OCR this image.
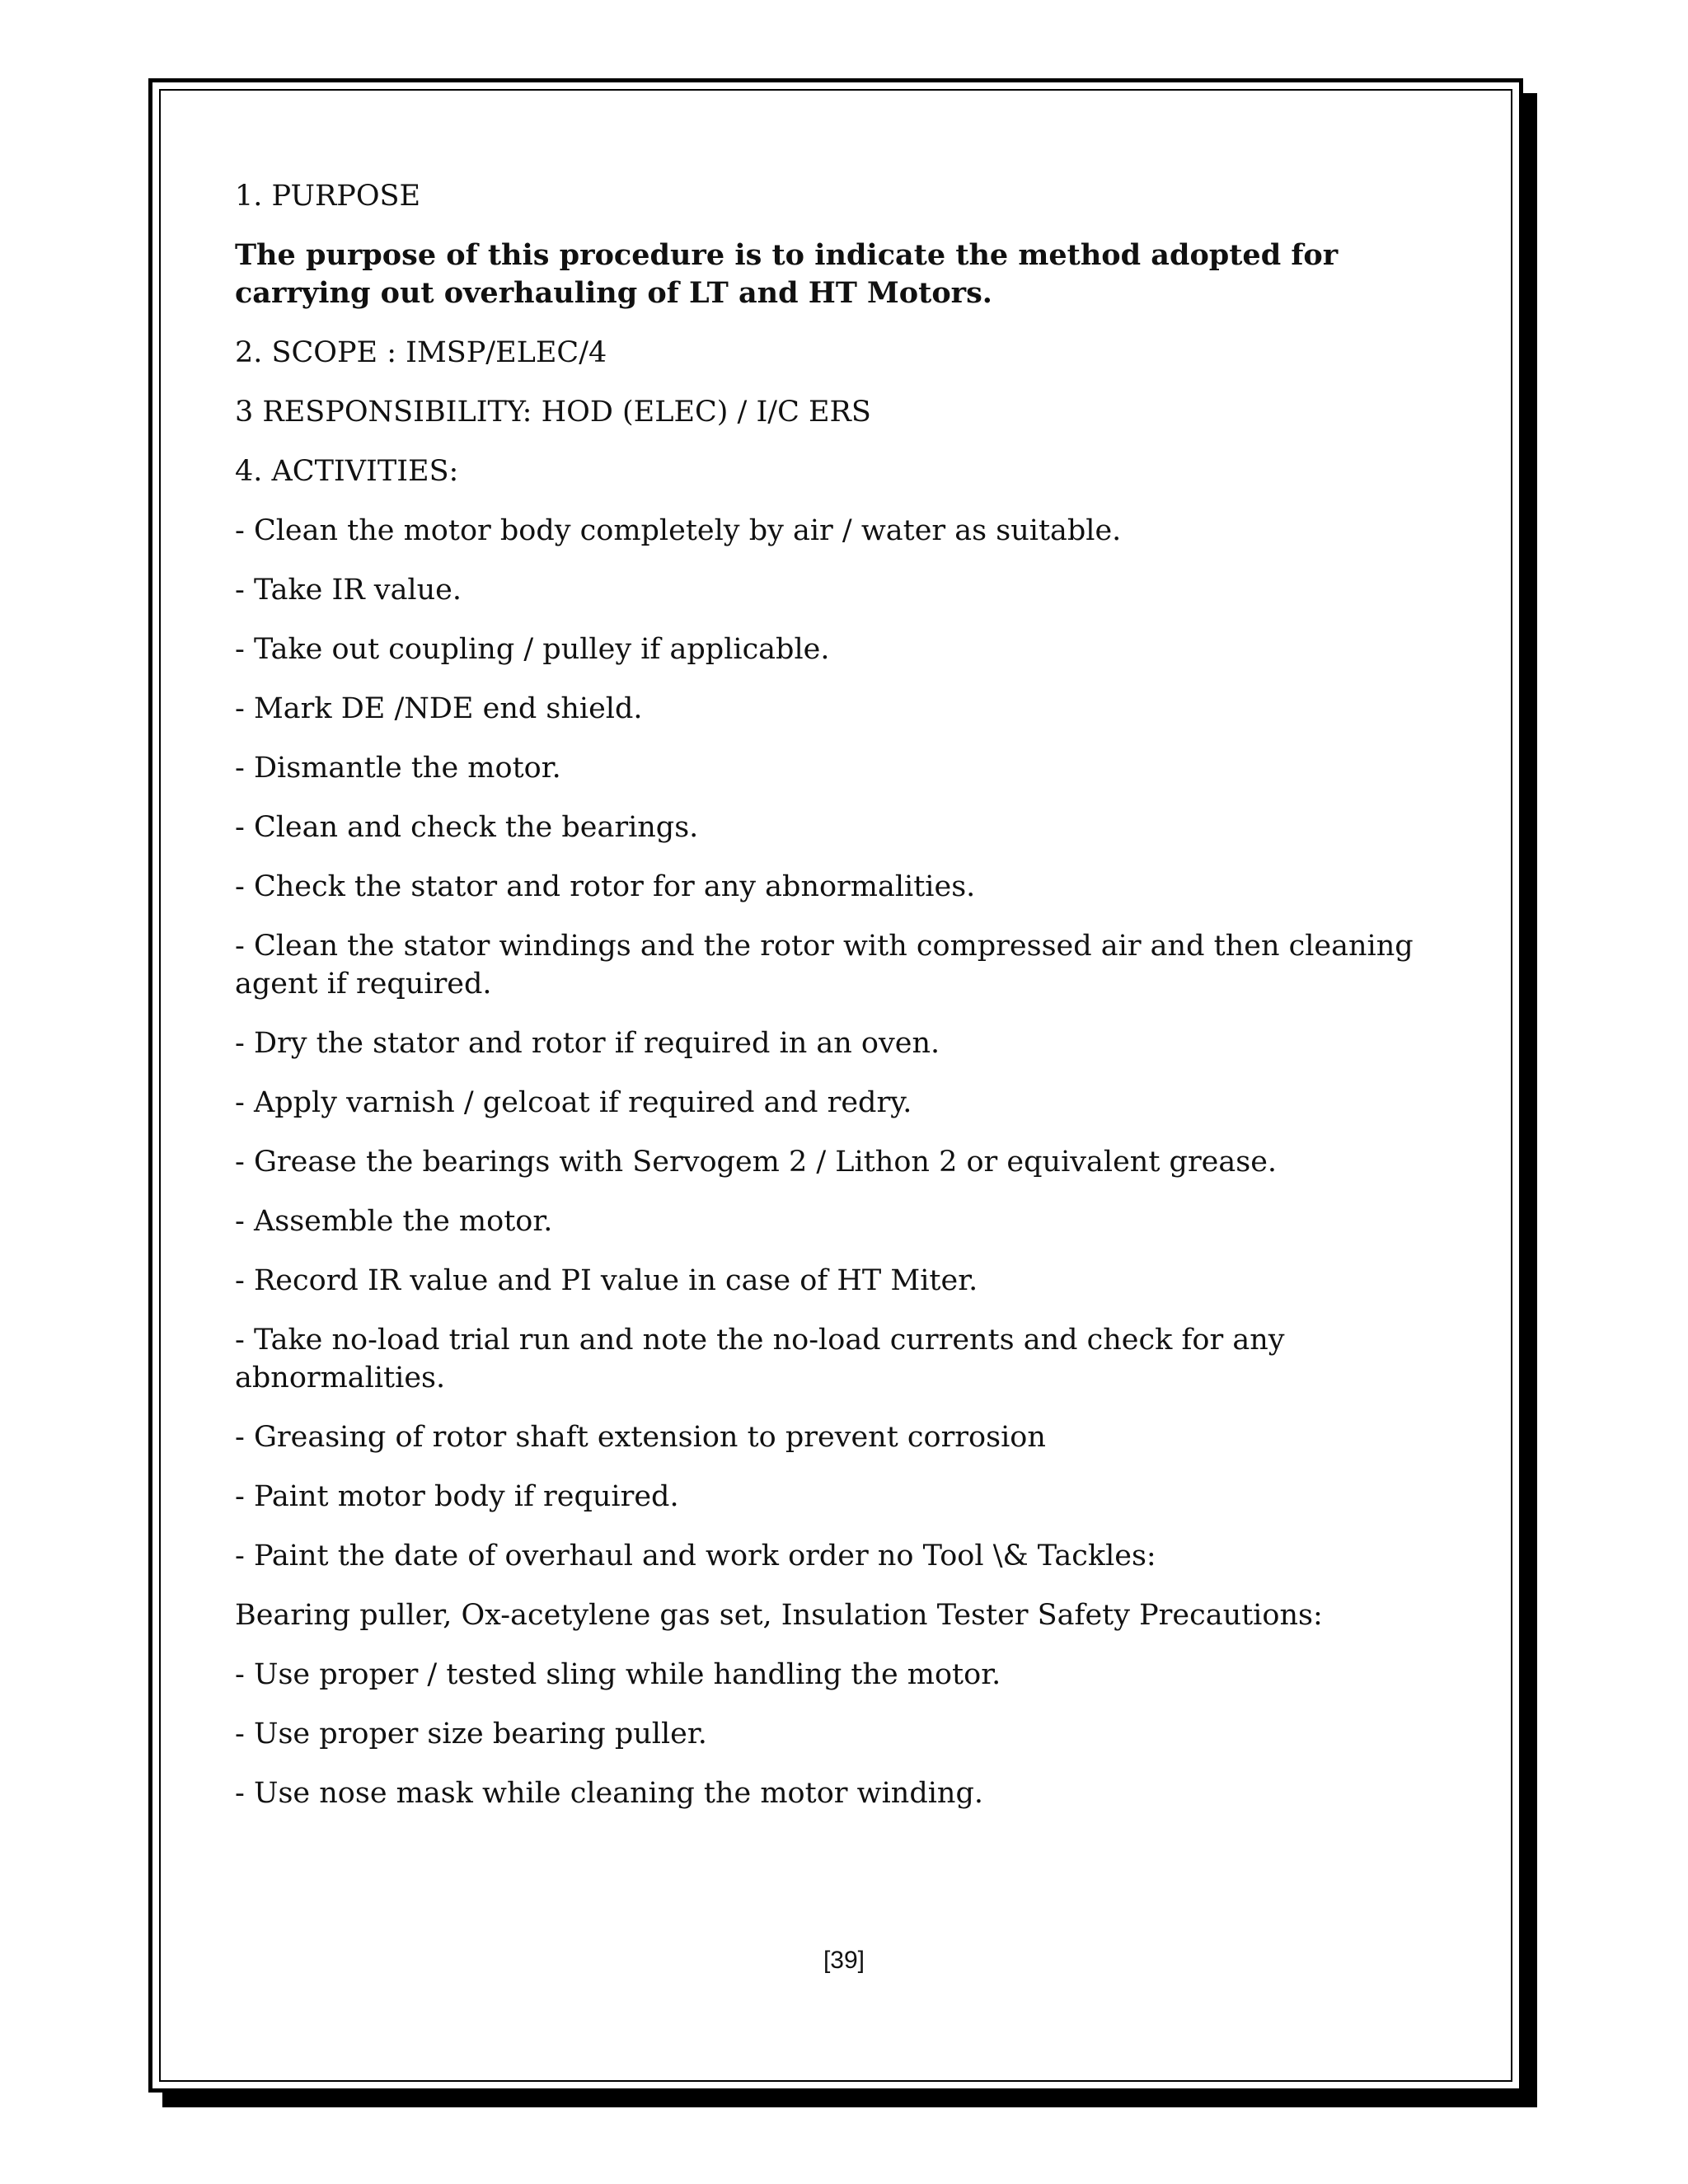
1. PURPOSE

The purpose of this procedure is to indicate the method adopted for carrying out overhauling of LT and HT Motors.

2. SCOPE : IMSP/ELEC/4

3 RESPONSIBILITY: HOD (ELEC) / I/C ERS

4. ACTIVITIES:

- Clean the motor body completely by air / water as suitable.

- Take IR value.

- Take out coupling / pulley if applicable.

- Mark DE /NDE end shield.

- Dismantle the motor.

- Clean and check the bearings.

- Check the stator and rotor for any abnormalities.

- Clean the stator windings and the rotor with compressed air and then cleaning agent if required.

- Dry the stator and rotor if required in an oven.

- Apply varnish / gelcoat if required and redry.

- Grease the bearings with Servogem 2 / Lithon 2 or equivalent grease.

- Assemble the motor.

- Record IR value and PI value in case of HT Miter.

- Take no-load trial run and note the no-load currents and check for any abnormalities.

- Greasing of rotor shaft extension to prevent corrosion

- Paint motor body if required.

- Paint the date of overhaul and work order no Tool \& Tackles:

Bearing puller, Ox-acetylene gas set, Insulation Tester Safety Precautions:

- Use proper / tested sling while handling the motor.

- Use proper size bearing puller.

- Use nose mask while cleaning the motor winding.

[39]
